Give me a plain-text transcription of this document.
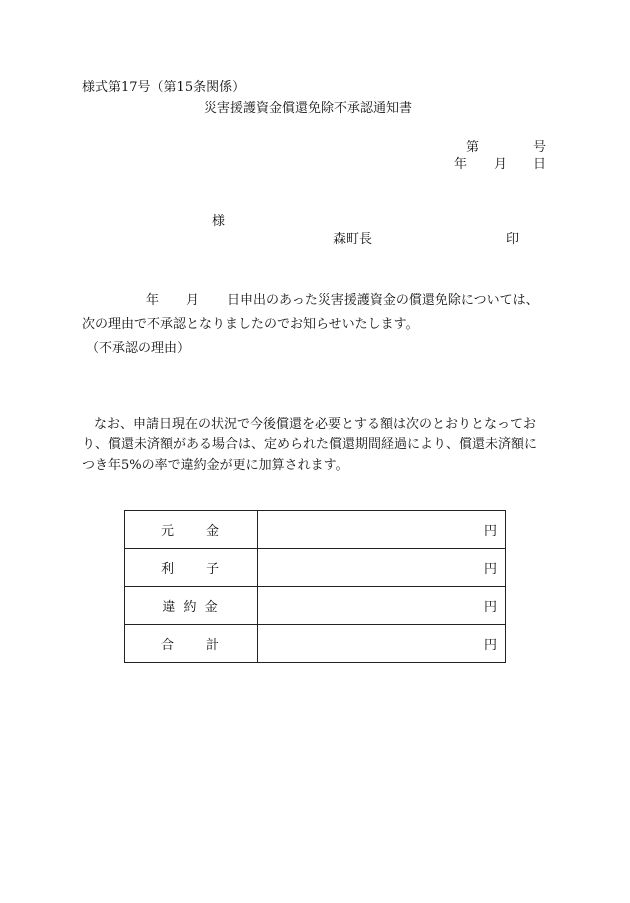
様式第17号（第15条関係）
災害援護資金償還免除不承認通知書
第	号
年 月 日
様
森町長	印
年 月 日申出のあった災害援護資金の償還免除については、
次の理由で不承認となりましたのでお知らせいたします。
（不承認の理由）
なお、申請日現在の状況で今後償還を必要とする額は次のとおりとなってお
り、償還未済額がある場合は、定められた償還期間経過により、償還未済額に
つき年5%の率で違約金が更に加算されます。
元　　金	円
利　　子	円
違 約 金	円
合　　計	円
